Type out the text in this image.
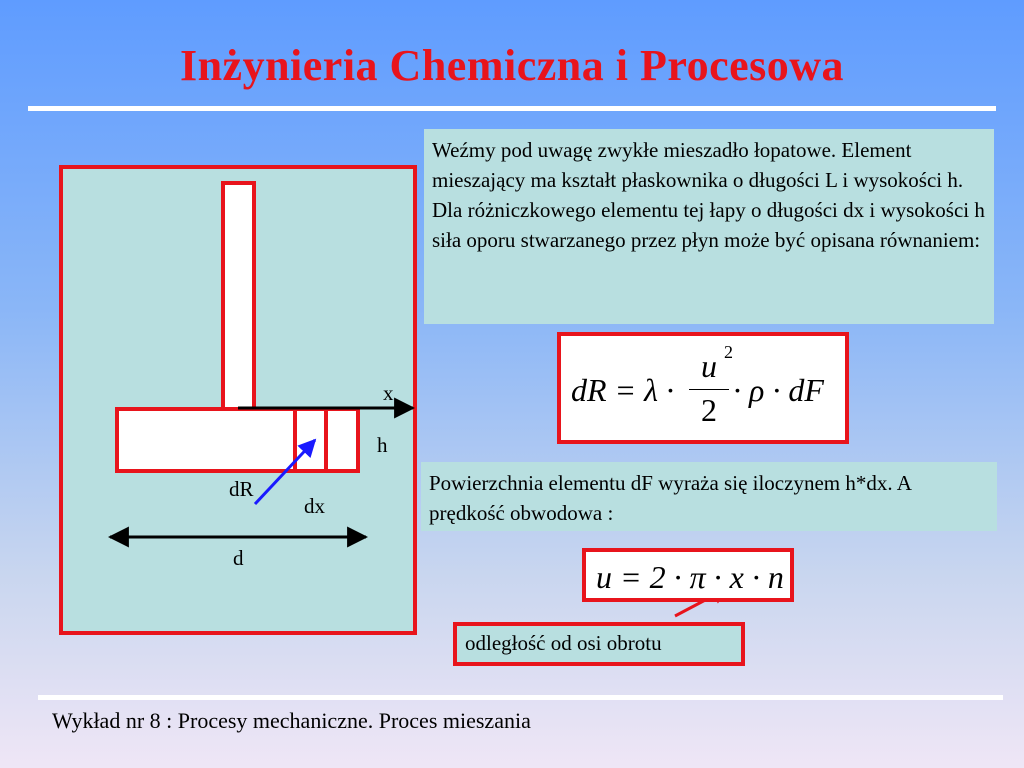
Inżynieria Chemiczna i Procesowa
x
h
dR
dx
d
Weźmy pod uwagę zwykłe mieszadło łopatowe. Element mieszający ma kształt płaskownika o długości L i wysokości h. Dla różniczkowego elementu tej łapy o długości dx i wysokości h siła oporu stwarzanego przez płyn może być opisana równaniem:
dR = λ ·
u 2
2
· ρ · dF
Powierzchnia elementu dF wyraża się iloczynem h*dx. A prędkość obwodowa :
u = 2 · π · x · n
odległość od osi obrotu
Wykład nr 8 : Procesy mechaniczne. Proces mieszania
